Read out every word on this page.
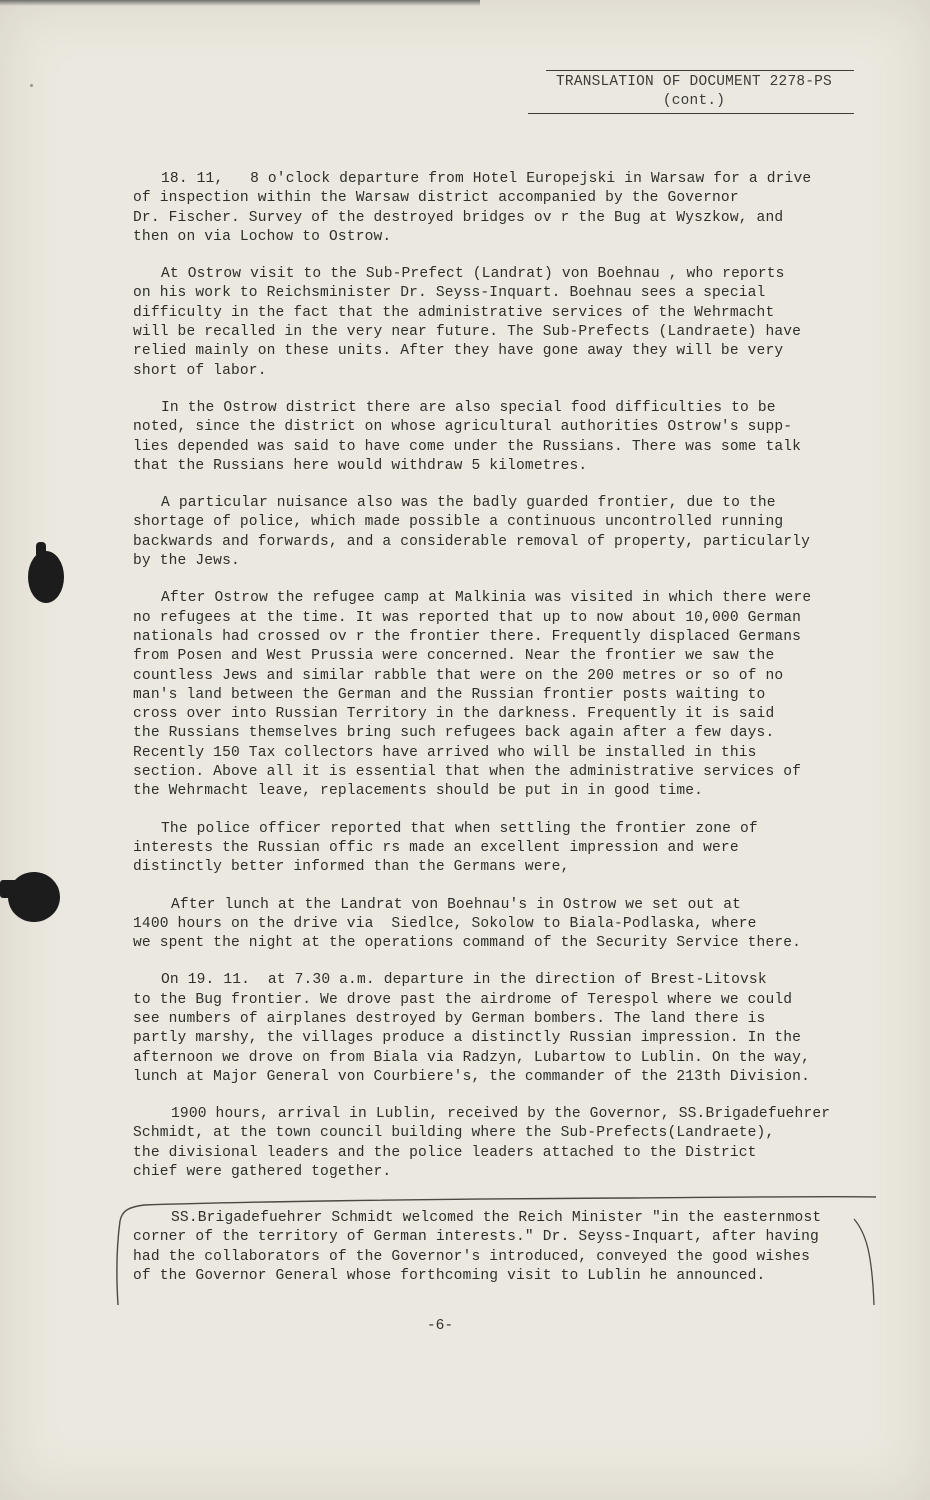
TRANSLATION OF DOCUMENT 2278-PS
(cont.)
18. 11,   8 o'clock departure from Hotel Europejski in Warsaw for a drive
of inspection within the Warsaw district accompanied by the Governor
Dr. Fischer. Survey of the destroyed bridges ov r the Bug at Wyszkow, and
then on via Lochow to Ostrow.
At Ostrow visit to the Sub-Prefect (Landrat) von Boehnau , who reports
on his work to Reichsminister Dr. Seyss-Inquart. Boehnau sees a special
difficulty in the fact that the administrative services of the Wehrmacht
will be recalled in the very near future. The Sub-Prefects (Landraete) have
relied mainly on these units. After they have gone away they will be very
short of labor.
In the Ostrow district there are also special food difficulties to be
noted, since the district on whose agricultural authorities Ostrow's supp-
lies depended was said to have come under the Russians. There was some talk
that the Russians here would withdraw 5 kilometres.
A particular nuisance also was the badly guarded frontier, due to the
shortage of police, which made possible a continuous uncontrolled running
backwards and forwards, and a considerable removal of property, particularly
by the Jews.
After Ostrow the refugee camp at Malkinia was visited in which there were
no refugees at the time. It was reported that up to now about 10,000 German
nationals had crossed ov r the frontier there. Frequently displaced Germans
from Posen and West Prussia were concerned. Near the frontier we saw the
countless Jews and similar rabble that were on the 200 metres or so of no
man's land between the German and the Russian frontier posts waiting to
cross over into Russian Territory in the darkness. Frequently it is said
the Russians themselves bring such refugees back again after a few days.
Recently 150 Tax collectors have arrived who will be installed in this
section. Above all it is essential that when the administrative services of
the Wehrmacht leave, replacements should be put in in good time.
The police officer reported that when settling the frontier zone of
interests the Russian offic rs made an excellent impression and were
distinctly better informed than the Germans were,
After lunch at the Landrat von Boehnau's in Ostrow we set out at
1400 hours on the drive via  Siedlce, Sokolow to Biala-Podlaska, where
we spent the night at the operations command of the Security Service there.
On 19. 11.  at 7.30 a.m. departure in the direction of Brest-Litovsk
to the Bug frontier. We drove past the airdrome of Terespol where we could
see numbers of airplanes destroyed by German bombers. The land there is
partly marshy, the villages produce a distinctly Russian impression. In the
afternoon we drove on from Biala via Radzyn, Lubartow to Lublin. On the way,
lunch at Major General von Courbiere's, the commander of the 213th Division.
1900 hours, arrival in Lublin, received by the Governor, SS.Brigadefuehrer
Schmidt, at the town council building where the Sub-Prefects(Landraete),
the divisional leaders and the police leaders attached to the District
chief were gathered together.
SS.Brigadefuehrer Schmidt welcomed the Reich Minister "in the easternmost
corner of the territory of German interests." Dr. Seyss-Inquart, after having
had the collaborators of the Governor's introduced, conveyed the good wishes
of the Governor General whose forthcoming visit to Lublin he announced.
-6-
